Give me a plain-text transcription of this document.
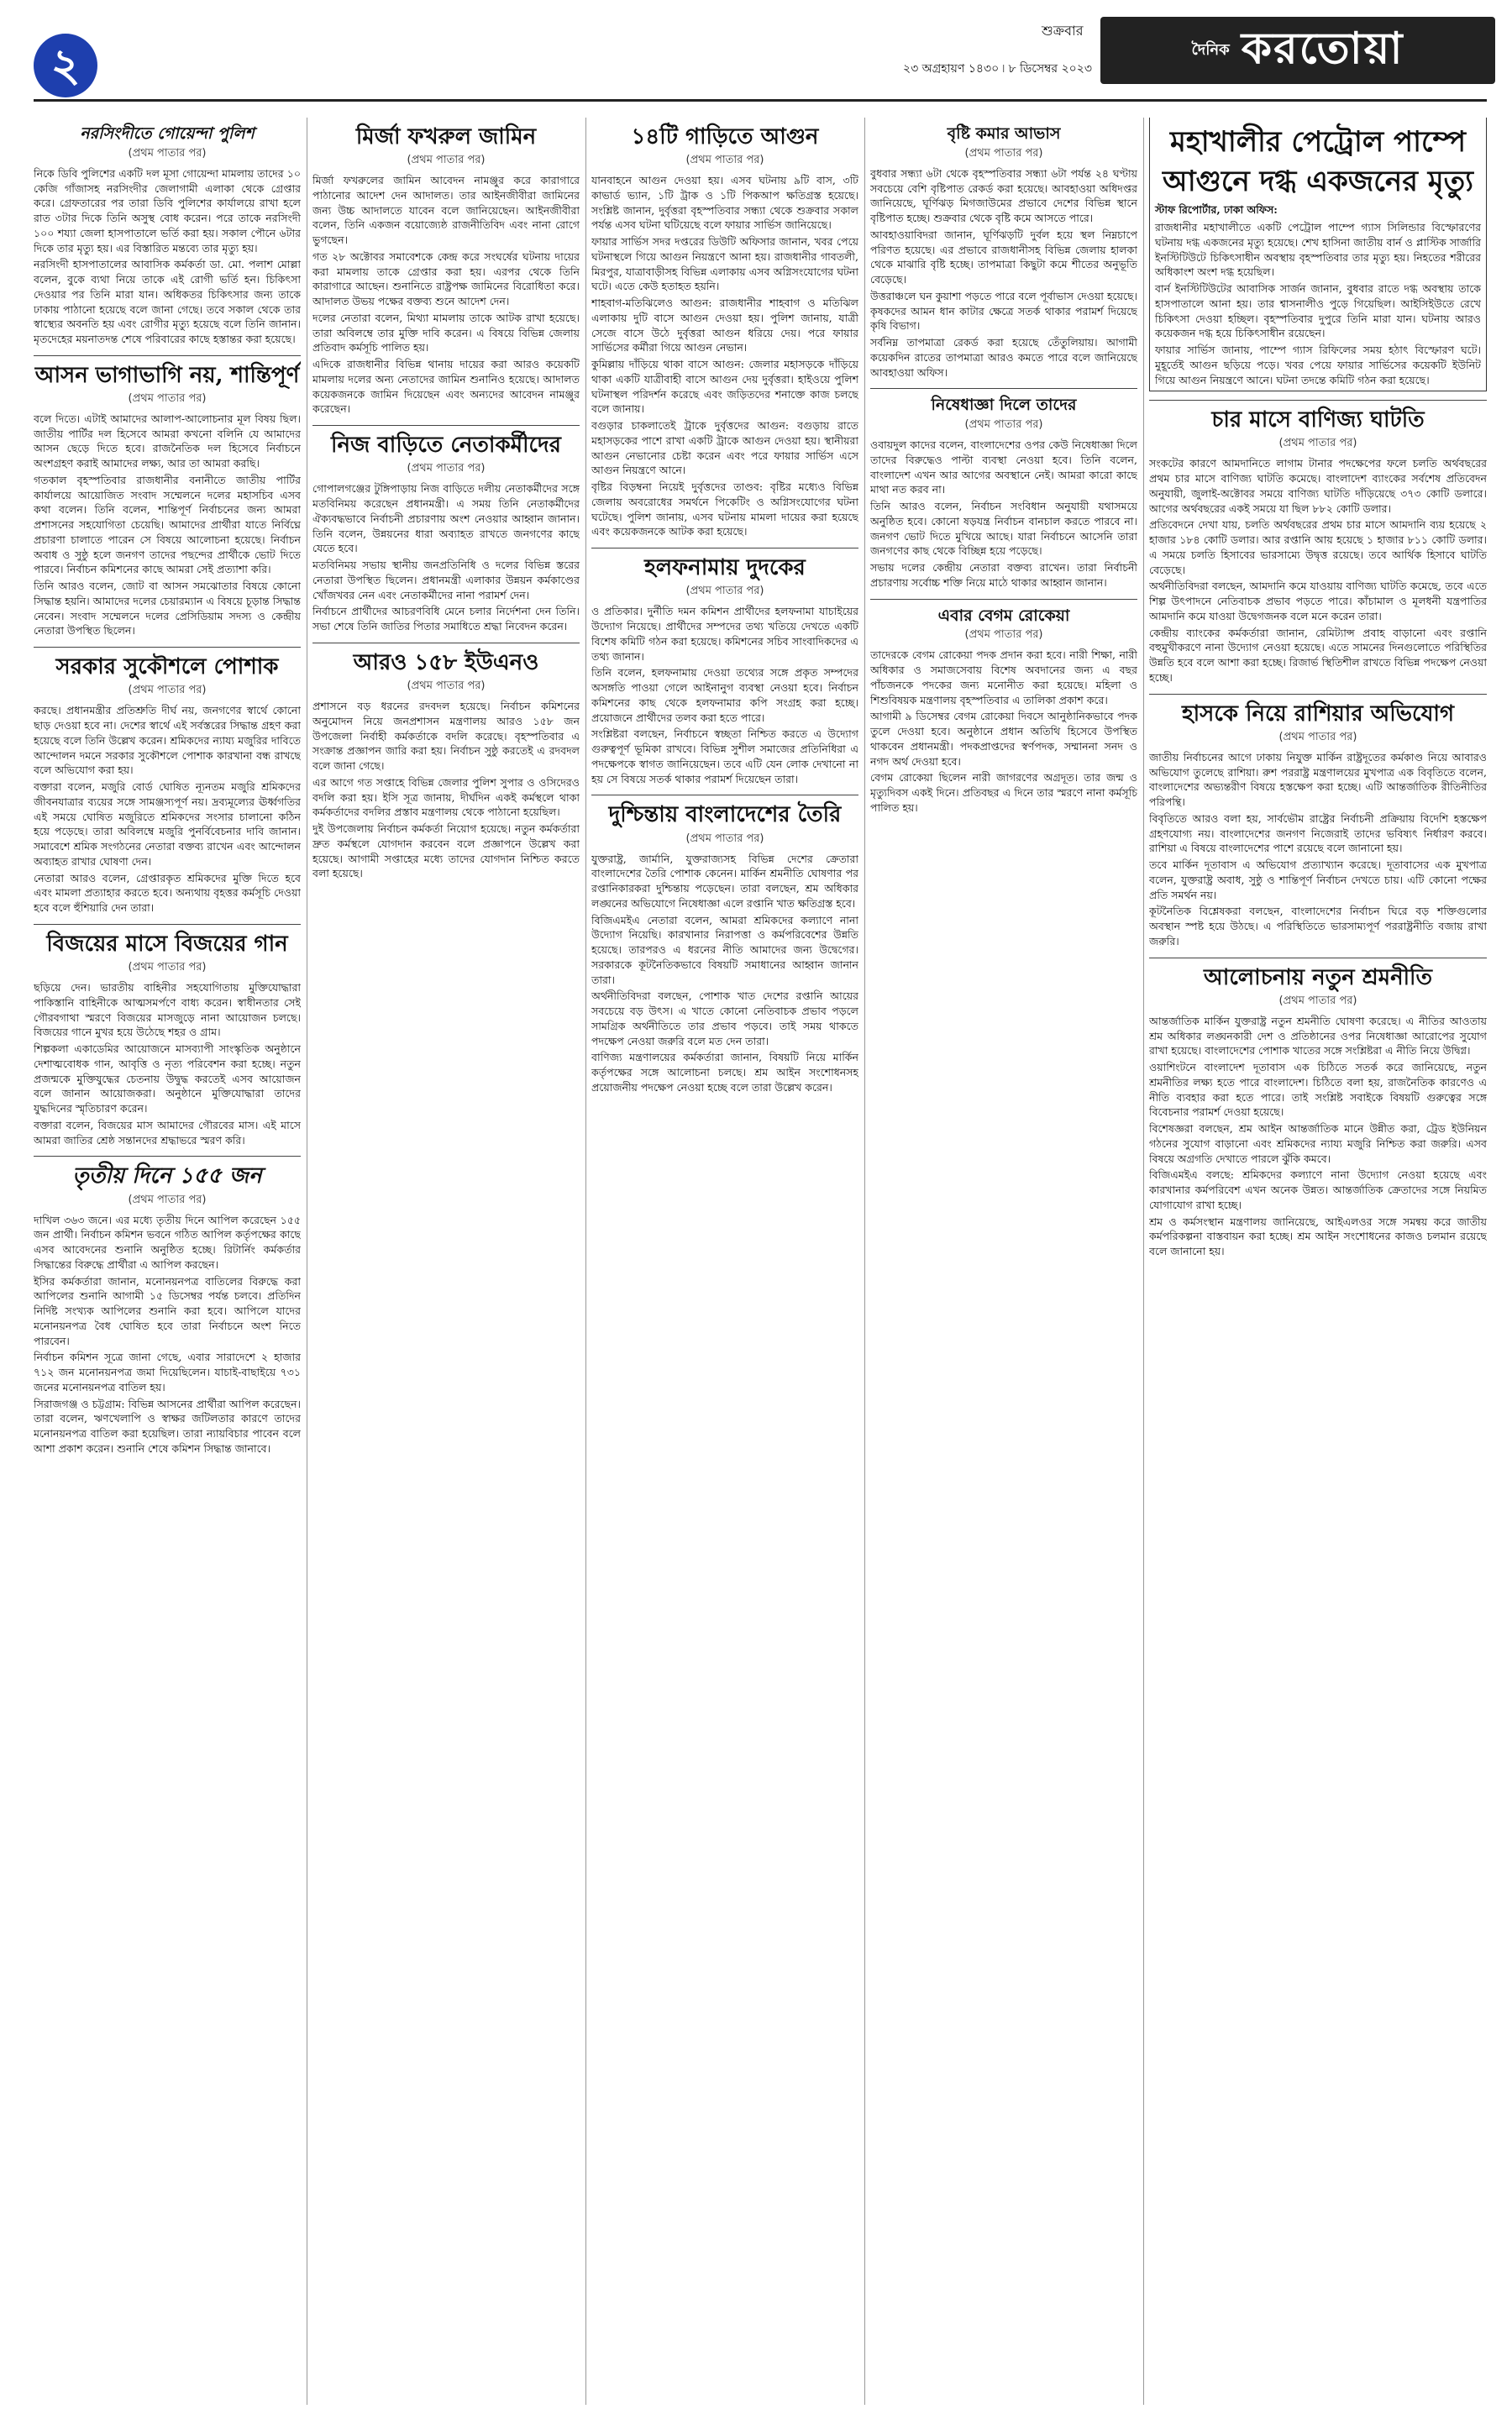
২
শুক্রবার
২৩ অগ্রহায়ণ ১৪৩০ ৷ ৮ ডিসেম্বর ২০২৩
দৈনিক করতোয়া
নরসিংদীতে গোয়েন্দা পুলিশ
(প্রথম পাতার পর)

নিকে ডিবি পুলিশের একটি দল মূসা গোয়েন্দা মামলায় তাদের ১০ কেজি গাঁজাসহ নরসিংদীর জেলাগামী এলাকা থেকে গ্রেপ্তার করে। গ্রেফতারের পর তারা ডিবি পুলিশের কার্যালয়ে রাখা হলে রাত ৩টার দিকে তিনি অসুস্থ বোধ করেন। পরে তাকে নরসিংদী ১০০ শয্যা জেলা হাসপাতালে ভর্তি করা হয়। সকাল পৌনে ৬টার দিকে তার মৃত্যু হয়। এর বিস্তারিত মন্তব্যে তার মৃত্যু হয়।

নরসিংদী হাসপাতালের আবাসিক কর্মকর্তা ডা. মো. পলাশ মোল্লা বলেন, বুকে ব্যথা নিয়ে তাকে এই রোগী ভর্তি হন। চিকিৎসা দেওয়ার পর তিনি মারা যান। অধিকতর চিকিৎসার জন্য তাকে ঢাকায় পাঠানো হয়েছে বলে জানা গেছে। তবে সকাল থেকে তার স্বাস্থ্যের অবনতি হয় এবং রোগীর মৃত্যু হয়েছে বলে তিনি জানান। মৃতদেহের ময়নাতদন্ত শেষে পরিবারের কাছে হস্তান্তর করা হয়েছে।

আসন ভাগাভাগি নয়, শান্তিপূর্ণ
(প্রথম পাতার পর)

বলে দিতে। এটাই আমাদের আলাপ-আলোচনার মূল বিষয় ছিল। জাতীয় পার্টির দল হিসেবে আমরা কখনো বলিনি যে আমাদের আসন ছেড়ে দিতে হবে। রাজনৈতিক দল হিসেবে নির্বাচনে অংশগ্রহণ করাই আমাদের লক্ষ্য, আর তা আমরা করছি।

গতকাল বৃহস্পতিবার রাজধানীর বনানীতে জাতীয় পার্টির কার্যালয়ে আয়োজিত সংবাদ সম্মেলনে দলের মহাসচিব এসব কথা বলেন। তিনি বলেন, শান্তিপূর্ণ নির্বাচনের জন্য আমরা প্রশাসনের সহযোগিতা চেয়েছি। আমাদের প্রার্থীরা যাতে নির্বিঘ্নে প্রচারণা চালাতে পারেন সে বিষয়ে আলোচনা হয়েছে। নির্বাচন অবাধ ও সুষ্ঠু হলে জনগণ তাদের পছন্দের প্রার্থীকে ভোট দিতে পারবে। নির্বাচন কমিশনের কাছে আমরা সেই প্রত্যাশা করি।

তিনি আরও বলেন, জোট বা আসন সমঝোতার বিষয়ে কোনো সিদ্ধান্ত হয়নি। আমাদের দলের চেয়ারম্যান এ বিষয়ে চূড়ান্ত সিদ্ধান্ত নেবেন। সংবাদ সম্মেলনে দলের প্রেসিডিয়াম সদস্য ও কেন্দ্রীয় নেতারা উপস্থিত ছিলেন।

সরকার সুকৌশলে পোশাক
(প্রথম পাতার পর)

করছে। প্রধানমন্ত্রীর প্রতিশ্রুতি দীর্ঘ নয়, জনগণের স্বার্থে কোনো ছাড় দেওয়া হবে না। দেশের স্বার্থে এই সর্বস্তরের সিদ্ধান্ত গ্রহণ করা হয়েছে বলে তিনি উল্লেখ করেন। শ্রমিকদের ন্যায্য মজুরির দাবিতে আন্দোলন দমনে সরকার সুকৌশলে পোশাক কারখানা বন্ধ রাখছে বলে অভিযোগ করা হয়।

বক্তারা বলেন, মজুরি বোর্ড ঘোষিত ন্যূনতম মজুরি শ্রমিকদের জীবনযাত্রার ব্যয়ের সঙ্গে সামঞ্জস্যপূর্ণ নয়। দ্রব্যমূল্যের ঊর্ধ্বগতির এই সময়ে ঘোষিত মজুরিতে শ্রমিকদের সংসার চালানো কঠিন হয়ে পড়েছে। তারা অবিলম্বে মজুরি পুনর্বিবেচনার দাবি জানান। সমাবেশে শ্রমিক সংগঠনের নেতারা বক্তব্য রাখেন এবং আন্দোলন অব্যাহত রাখার ঘোষণা দেন।

নেতারা আরও বলেন, গ্রেপ্তারকৃত শ্রমিকদের মুক্তি দিতে হবে এবং মামলা প্রত্যাহার করতে হবে। অন্যথায় বৃহত্তর কর্মসূচি দেওয়া হবে বলে হুঁশিয়ারি দেন তারা।

বিজয়ের মাসে বিজয়ের গান
(প্রথম পাতার পর)

ছড়িয়ে দেন। ভারতীয় বাহিনীর সহযোগিতায় মুক্তিযোদ্ধারা পাকিস্তানি বাহিনীকে আত্মসমর্পণে বাধ্য করেন। স্বাধীনতার সেই গৌরবগাথা স্মরণে বিজয়ের মাসজুড়ে নানা আয়োজন চলছে। বিজয়ের গানে মুখর হয়ে উঠেছে শহর ও গ্রাম।

শিল্পকলা একাডেমির আয়োজনে মাসব্যাপী সাংস্কৃতিক অনুষ্ঠানে দেশাত্মবোধক গান, আবৃত্তি ও নৃত্য পরিবেশন করা হচ্ছে। নতুন প্রজন্মকে মুক্তিযুদ্ধের চেতনায় উদ্বুদ্ধ করতেই এসব আয়োজন বলে জানান আয়োজকরা। অনুষ্ঠানে মুক্তিযোদ্ধারা তাদের যুদ্ধদিনের স্মৃতিচারণ করেন।

বক্তারা বলেন, বিজয়ের মাস আমাদের গৌরবের মাস। এই মাসে আমরা জাতির শ্রেষ্ঠ সন্তানদের শ্রদ্ধাভরে স্মরণ করি।

তৃতীয় দিনে ১৫৫ জন
(প্রথম পাতার পর)

দাখিল ৩৬৩ জনে। এর মধ্যে তৃতীয় দিনে আপিল করেছেন ১৫৫ জন প্রার্থী। নির্বাচন কমিশন ভবনে গঠিত আপিল কর্তৃপক্ষের কাছে এসব আবেদনের শুনানি অনুষ্ঠিত হচ্ছে। রিটার্নিং কর্মকর্তার সিদ্ধান্তের বিরুদ্ধে প্রার্থীরা এ আপিল করছেন।

ইসির কর্মকর্তারা জানান, মনোনয়নপত্র বাতিলের বিরুদ্ধে করা আপিলের শুনানি আগামী ১৫ ডিসেম্বর পর্যন্ত চলবে। প্রতিদিন নির্দিষ্ট সংখ্যক আপিলের শুনানি করা হবে। আপিলে যাদের মনোনয়নপত্র বৈধ ঘোষিত হবে তারা নির্বাচনে অংশ নিতে পারবেন।

নির্বাচন কমিশন সূত্রে জানা গেছে, এবার সারাদেশে ২ হাজার ৭১২ জন মনোনয়নপত্র জমা দিয়েছিলেন। যাচাই-বাছাইয়ে ৭৩১ জনের মনোনয়নপত্র বাতিল হয়।

সিরাজগঞ্জ ও চট্টগ্রাম: বিভিন্ন আসনের প্রার্থীরা আপিল করেছেন। তারা বলেন, ঋণখেলাপি ও স্বাক্ষর জটিলতার কারণে তাদের মনোনয়নপত্র বাতিল করা হয়েছিল। তারা ন্যায়বিচার পাবেন বলে আশা প্রকাশ করেন। শুনানি শেষে কমিশন সিদ্ধান্ত জানাবে।

মির্জা ফখরুল জামিন
(প্রথম পাতার পর)

মির্জা ফখরুলের জামিন আবেদন নামঞ্জুর করে কারাগারে পাঠানোর আদেশ দেন আদালত। তার আইনজীবীরা জামিনের জন্য উচ্চ আদালতে যাবেন বলে জানিয়েছেন। আইনজীবীরা বলেন, তিনি একজন বয়োজ্যেষ্ঠ রাজনীতিবিদ এবং নানা রোগে ভুগছেন।

গত ২৮ অক্টোবর সমাবেশকে কেন্দ্র করে সংঘর্ষের ঘটনায় দায়ের করা মামলায় তাকে গ্রেপ্তার করা হয়। এরপর থেকে তিনি কারাগারে আছেন। শুনানিতে রাষ্ট্রপক্ষ জামিনের বিরোধিতা করে। আদালত উভয় পক্ষের বক্তব্য শুনে আদেশ দেন।

দলের নেতারা বলেন, মিথ্যা মামলায় তাকে আটক রাখা হয়েছে। তারা অবিলম্বে তার মুক্তি দাবি করেন। এ বিষয়ে বিভিন্ন জেলায় প্রতিবাদ কর্মসূচি পালিত হয়।

এদিকে রাজধানীর বিভিন্ন থানায় দায়ের করা আরও কয়েকটি মামলায় দলের অন্য নেতাদের জামিন শুনানিও হয়েছে। আদালত কয়েকজনকে জামিন দিয়েছেন এবং অন্যদের আবেদন নামঞ্জুর করেছেন।

নিজ বাড়িতে নেতাকর্মীদের
(প্রথম পাতার পর)

গোপালগঞ্জের টুঙ্গিপাড়ায় নিজ বাড়িতে দলীয় নেতাকর্মীদের সঙ্গে মতবিনিময় করেছেন প্রধানমন্ত্রী। এ সময় তিনি নেতাকর্মীদের ঐক্যবদ্ধভাবে নির্বাচনী প্রচারণায় অংশ নেওয়ার আহ্বান জানান। তিনি বলেন, উন্নয়নের ধারা অব্যাহত রাখতে জনগণের কাছে যেতে হবে।

মতবিনিময় সভায় স্থানীয় জনপ্রতিনিধি ও দলের বিভিন্ন স্তরের নেতারা উপস্থিত ছিলেন। প্রধানমন্ত্রী এলাকার উন্নয়ন কর্মকাণ্ডের খোঁজখবর নেন এবং নেতাকর্মীদের নানা পরামর্শ দেন।

নির্বাচনে প্রার্থীদের আচরণবিধি মেনে চলার নির্দেশনা দেন তিনি। সভা শেষে তিনি জাতির পিতার সমাধিতে শ্রদ্ধা নিবেদন করেন।

আরও ১৫৮ ইউএনও
(প্রথম পাতার পর)

প্রশাসনে বড় ধরনের রদবদল হয়েছে। নির্বাচন কমিশনের অনুমোদন নিয়ে জনপ্রশাসন মন্ত্রণালয় আরও ১৫৮ জন উপজেলা নির্বাহী কর্মকর্তাকে বদলি করেছে। বৃহস্পতিবার এ সংক্রান্ত প্রজ্ঞাপন জারি করা হয়। নির্বাচন সুষ্ঠু করতেই এ রদবদল বলে জানা গেছে।

এর আগে গত সপ্তাহে বিভিন্ন জেলার পুলিশ সুপার ও ওসিদেরও বদলি করা হয়। ইসি সূত্র জানায়, দীর্ঘদিন একই কর্মস্থলে থাকা কর্মকর্তাদের বদলির প্রস্তাব মন্ত্রণালয় থেকে পাঠানো হয়েছিল।

দুই উপজেলায় নির্বাচন কর্মকর্তা নিয়োগ হয়েছে। নতুন কর্মকর্তারা দ্রুত কর্মস্থলে যোগদান করবেন বলে প্রজ্ঞাপনে উল্লেখ করা হয়েছে। আগামী সপ্তাহের মধ্যে তাদের যোগদান নিশ্চিত করতে বলা হয়েছে।

১৪টি গাড়িতে আগুন
(প্রথম পাতার পর)

যানবাহনে আগুন দেওয়া হয়। এসব ঘটনায় ৯টি বাস, ৩টি কাভার্ড ভ্যান, ১টি ট্রাক ও ১টি পিকআপ ক্ষতিগ্রস্ত হয়েছে। সংশ্লিষ্ট জানান, দুর্বৃত্তরা বৃহস্পতিবার সন্ধ্যা থেকে শুক্রবার সকাল পর্যন্ত এসব ঘটনা ঘটিয়েছে বলে ফায়ার সার্ভিস জানিয়েছে।

ফায়ার সার্ভিস সদর দপ্তরের ডিউটি অফিসার জানান, খবর পেয়ে ঘটনাস্থলে গিয়ে আগুন নিয়ন্ত্রণে আনা হয়। রাজধানীর গাবতলী, মিরপুর, যাত্রাবাড়ীসহ বিভিন্ন এলাকায় এসব অগ্নিসংযোগের ঘটনা ঘটে। এতে কেউ হতাহত হয়নি।

শাহবাগ-মতিঝিলেও আগুন: রাজধানীর শাহবাগ ও মতিঝিল এলাকায় দুটি বাসে আগুন দেওয়া হয়। পুলিশ জানায়, যাত্রী সেজে বাসে উঠে দুর্বৃত্তরা আগুন ধরিয়ে দেয়। পরে ফায়ার সার্ভিসের কর্মীরা গিয়ে আগুন নেভান।

কুমিল্লায় দাঁড়িয়ে থাকা বাসে আগুন: জেলার মহাসড়কে দাঁড়িয়ে থাকা একটি যাত্রীবাহী বাসে আগুন দেয় দুর্বৃত্তরা। হাইওয়ে পুলিশ ঘটনাস্থল পরিদর্শন করেছে এবং জড়িতদের শনাক্তে কাজ চলছে বলে জানায়।

বগুড়ার চাকলাতেই ট্রাকে দুর্বৃত্তদের আগুন: বগুড়ায় রাতে মহাসড়কের পাশে রাখা একটি ট্রাকে আগুন দেওয়া হয়। স্থানীয়রা আগুন নেভানোর চেষ্টা করেন এবং পরে ফায়ার সার্ভিস এসে আগুন নিয়ন্ত্রণে আনে।

বৃষ্টির বিড়ম্বনা নিয়েই দুর্বৃত্তদের তাণ্ডব: বৃষ্টির মধ্যেও বিভিন্ন জেলায় অবরোধের সমর্থনে পিকেটিং ও অগ্নিসংযোগের ঘটনা ঘটেছে। পুলিশ জানায়, এসব ঘটনায় মামলা দায়ের করা হয়েছে এবং কয়েকজনকে আটক করা হয়েছে।

হলফনামায় দুদকের
(প্রথম পাতার পর)

ও প্রতিকার। দুর্নীতি দমন কমিশন প্রার্থীদের হলফনামা যাচাইয়ের উদ্যোগ নিয়েছে। প্রার্থীদের সম্পদের তথ্য খতিয়ে দেখতে একটি বিশেষ কমিটি গঠন করা হয়েছে। কমিশনের সচিব সাংবাদিকদের এ তথ্য জানান।

তিনি বলেন, হলফনামায় দেওয়া তথ্যের সঙ্গে প্রকৃত সম্পদের অসঙ্গতি পাওয়া গেলে আইনানুগ ব্যবস্থা নেওয়া হবে। নির্বাচন কমিশনের কাছ থেকে হলফনামার কপি সংগ্রহ করা হচ্ছে। প্রয়োজনে প্রার্থীদের তলব করা হতে পারে।

সংশ্লিষ্টরা বলছেন, নির্বাচনে স্বচ্ছতা নিশ্চিত করতে এ উদ্যোগ গুরুত্বপূর্ণ ভূমিকা রাখবে। বিভিন্ন সুশীল সমাজের প্রতিনিধিরা এ পদক্ষেপকে স্বাগত জানিয়েছেন। তবে এটি যেন লোক দেখানো না হয় সে বিষয়ে সতর্ক থাকার পরামর্শ দিয়েছেন তারা।

দুশ্চিন্তায় বাংলাদেশের তৈরি
(প্রথম পাতার পর)

যুক্তরাষ্ট্র, জার্মানি, যুক্তরাজ্যসহ বিভিন্ন দেশের ক্রেতারা বাংলাদেশের তৈরি পোশাক কেনেন। মার্কিন শ্রমনীতি ঘোষণার পর রপ্তানিকারকরা দুশ্চিন্তায় পড়েছেন। তারা বলছেন, শ্রম অধিকার লঙ্ঘনের অভিযোগে নিষেধাজ্ঞা এলে রপ্তানি খাত ক্ষতিগ্রস্ত হবে।

বিজিএমইএ নেতারা বলেন, আমরা শ্রমিকদের কল্যাণে নানা উদ্যোগ নিয়েছি। কারখানার নিরাপত্তা ও কর্মপরিবেশের উন্নতি হয়েছে। তারপরও এ ধরনের নীতি আমাদের জন্য উদ্বেগের। সরকারকে কূটনৈতিকভাবে বিষয়টি সমাধানের আহ্বান জানান তারা।

অর্থনীতিবিদরা বলছেন, পোশাক খাত দেশের রপ্তানি আয়ের সবচেয়ে বড় উৎস। এ খাতে কোনো নেতিবাচক প্রভাব পড়লে সামগ্রিক অর্থনীতিতে তার প্রভাব পড়বে। তাই সময় থাকতে পদক্ষেপ নেওয়া জরুরি বলে মত দেন তারা।

বাণিজ্য মন্ত্রণালয়ের কর্মকর্তারা জানান, বিষয়টি নিয়ে মার্কিন কর্তৃপক্ষের সঙ্গে আলোচনা চলছে। শ্রম আইন সংশোধনসহ প্রয়োজনীয় পদক্ষেপ নেওয়া হচ্ছে বলে তারা উল্লেখ করেন।

বৃষ্টি কমার আভাস
(প্রথম পাতার পর)

বুধবার সন্ধ্যা ৬টা থেকে বৃহস্পতিবার সন্ধ্যা ৬টা পর্যন্ত ২৪ ঘণ্টায় সবচেয়ে বেশি বৃষ্টিপাত রেকর্ড করা হয়েছে। আবহাওয়া অধিদপ্তর জানিয়েছে, ঘূর্ণিঝড় মিগজাউমের প্রভাবে দেশের বিভিন্ন স্থানে বৃষ্টিপাত হচ্ছে। শুক্রবার থেকে বৃষ্টি কমে আসতে পারে।

আবহাওয়াবিদরা জানান, ঘূর্ণিঝড়টি দুর্বল হয়ে স্থল নিম্নচাপে পরিণত হয়েছে। এর প্রভাবে রাজধানীসহ বিভিন্ন জেলায় হালকা থেকে মাঝারি বৃষ্টি হচ্ছে। তাপমাত্রা কিছুটা কমে শীতের অনুভূতি বেড়েছে।

উত্তরাঞ্চলে ঘন কুয়াশা পড়তে পারে বলে পূর্বাভাস দেওয়া হয়েছে। কৃষকদের আমন ধান কাটার ক্ষেত্রে সতর্ক থাকার পরামর্শ দিয়েছে কৃষি বিভাগ।

সর্বনিম্ন তাপমাত্রা রেকর্ড করা হয়েছে তেঁতুলিয়ায়। আগামী কয়েকদিন রাতের তাপমাত্রা আরও কমতে পারে বলে জানিয়েছে আবহাওয়া অফিস।

নিষেধাজ্ঞা দিলে তাদের
(প্রথম পাতার পর)

ওবায়দুল কাদের বলেন, বাংলাদেশের ওপর কেউ নিষেধাজ্ঞা দিলে তাদের বিরুদ্ধেও পাল্টা ব্যবস্থা নেওয়া হবে। তিনি বলেন, বাংলাদেশ এখন আর আগের অবস্থানে নেই। আমরা কারো কাছে মাথা নত করব না।

তিনি আরও বলেন, নির্বাচন সংবিধান অনুযায়ী যথাসময়ে অনুষ্ঠিত হবে। কোনো ষড়যন্ত্র নির্বাচন বানচাল করতে পারবে না। জনগণ ভোট দিতে মুখিয়ে আছে। যারা নির্বাচনে আসেনি তারা জনগণের কাছ থেকে বিচ্ছিন্ন হয়ে পড়েছে।

সভায় দলের কেন্দ্রীয় নেতারা বক্তব্য রাখেন। তারা নির্বাচনী প্রচারণায় সর্বোচ্চ শক্তি নিয়ে মাঠে থাকার আহ্বান জানান।

এবার বেগম রোকেয়া
(প্রথম পাতার পর)

তাদেরকে বেগম রোকেয়া পদক প্রদান করা হবে। নারী শিক্ষা, নারী অধিকার ও সমাজসেবায় বিশেষ অবদানের জন্য এ বছর পাঁচজনকে পদকের জন্য মনোনীত করা হয়েছে। মহিলা ও শিশুবিষয়ক মন্ত্রণালয় বৃহস্পতিবার এ তালিকা প্রকাশ করে।

আগামী ৯ ডিসেম্বর বেগম রোকেয়া দিবসে আনুষ্ঠানিকভাবে পদক তুলে দেওয়া হবে। অনুষ্ঠানে প্রধান অতিথি হিসেবে উপস্থিত থাকবেন প্রধানমন্ত্রী। পদকপ্রাপ্তদের স্বর্ণপদক, সম্মাননা সনদ ও নগদ অর্থ দেওয়া হবে।

বেগম রোকেয়া ছিলেন নারী জাগরণের অগ্রদূত। তার জন্ম ও মৃত্যুদিবস একই দিনে। প্রতিবছর এ দিনে তার স্মরণে নানা কর্মসূচি পালিত হয়।

মহাখালীর পেট্রোল পাম্পে
আগুনে দগ্ধ একজনের মৃত্যু
স্টাফ রিপোর্টার, ঢাকা অফিস:

রাজধানীর মহাখালীতে একটি পেট্রোল পাম্পে গ্যাস সিলিন্ডার বিস্ফোরণের ঘটনায় দগ্ধ একজনের মৃত্যু হয়েছে। শেখ হাসিনা জাতীয় বার্ন ও প্লাস্টিক সার্জারি ইনস্টিটিউটে চিকিৎসাধীন অবস্থায় বৃহস্পতিবার তার মৃত্যু হয়। নিহতের শরীরের অধিকাংশ অংশ দগ্ধ হয়েছিল।

বার্ন ইনস্টিটিউটের আবাসিক সার্জন জানান, বুধবার রাতে দগ্ধ অবস্থায় তাকে হাসপাতালে আনা হয়। তার শ্বাসনালীও পুড়ে গিয়েছিল। আইসিইউতে রেখে চিকিৎসা দেওয়া হচ্ছিল। বৃহস্পতিবার দুপুরে তিনি মারা যান। ঘটনায় আরও কয়েকজন দগ্ধ হয়ে চিকিৎসাধীন রয়েছেন।

ফায়ার সার্ভিস জানায়, পাম্পে গ্যাস রিফিলের সময় হঠাৎ বিস্ফোরণ ঘটে। মুহূর্তেই আগুন ছড়িয়ে পড়ে। খবর পেয়ে ফায়ার সার্ভিসের কয়েকটি ইউনিট গিয়ে আগুন নিয়ন্ত্রণে আনে। ঘটনা তদন্তে কমিটি গঠন করা হয়েছে।

চার মাসে বাণিজ্য ঘাটতি
(প্রথম পাতার পর)

সংকটের কারণে আমদানিতে লাগাম টানার পদক্ষেপের ফলে চলতি অর্থবছরের প্রথম চার মাসে বাণিজ্য ঘাটতি কমেছে। বাংলাদেশ ব্যাংকের সর্বশেষ প্রতিবেদন অনুযায়ী, জুলাই-অক্টোবর সময়ে বাণিজ্য ঘাটতি দাঁড়িয়েছে ৩৭৩ কোটি ডলারে। আগের অর্থবছরের একই সময়ে যা ছিল ৮৮২ কোটি ডলার।

প্রতিবেদনে দেখা যায়, চলতি অর্থবছরের প্রথম চার মাসে আমদানি ব্যয় হয়েছে ২ হাজার ১৮৪ কোটি ডলার। আর রপ্তানি আয় হয়েছে ১ হাজার ৮১১ কোটি ডলার। এ সময়ে চলতি হিসাবের ভারসাম্যে উদ্বৃত্ত রয়েছে। তবে আর্থিক হিসাবে ঘাটতি বেড়েছে।

অর্থনীতিবিদরা বলছেন, আমদানি কমে যাওয়ায় বাণিজ্য ঘাটতি কমেছে, তবে এতে শিল্প উৎপাদনে নেতিবাচক প্রভাব পড়তে পারে। কাঁচামাল ও মূলধনী যন্ত্রপাতির আমদানি কমে যাওয়া উদ্বেগজনক বলে মনে করেন তারা।

কেন্দ্রীয় ব্যাংকের কর্মকর্তারা জানান, রেমিট্যান্স প্রবাহ বাড়ানো এবং রপ্তানি বহুমুখীকরণে নানা উদ্যোগ নেওয়া হয়েছে। এতে সামনের দিনগুলোতে পরিস্থিতির উন্নতি হবে বলে আশা করা হচ্ছে। রিজার্ভ স্থিতিশীল রাখতে বিভিন্ন পদক্ষেপ নেওয়া হচ্ছে।

হাসকে নিয়ে রাশিয়ার অভিযোগ
(প্রথম পাতার পর)

জাতীয় নির্বাচনের আগে ঢাকায় নিযুক্ত মার্কিন রাষ্ট্রদূতের কর্মকাণ্ড নিয়ে আবারও অভিযোগ তুলেছে রাশিয়া। রুশ পররাষ্ট্র মন্ত্রণালয়ের মুখপাত্র এক বিবৃতিতে বলেন, বাংলাদেশের অভ্যন্তরীণ বিষয়ে হস্তক্ষেপ করা হচ্ছে। এটি আন্তর্জাতিক রীতিনীতির পরিপন্থি।

বিবৃতিতে আরও বলা হয়, সার্বভৌম রাষ্ট্রের নির্বাচনী প্রক্রিয়ায় বিদেশি হস্তক্ষেপ গ্রহণযোগ্য নয়। বাংলাদেশের জনগণ নিজেরাই তাদের ভবিষ্যৎ নির্ধারণ করবে। রাশিয়া এ বিষয়ে বাংলাদেশের পাশে রয়েছে বলে জানানো হয়।

তবে মার্কিন দূতাবাস এ অভিযোগ প্রত্যাখ্যান করেছে। দূতাবাসের এক মুখপাত্র বলেন, যুক্তরাষ্ট্র অবাধ, সুষ্ঠু ও শান্তিপূর্ণ নির্বাচন দেখতে চায়। এটি কোনো পক্ষের প্রতি সমর্থন নয়।

কূটনৈতিক বিশ্লেষকরা বলছেন, বাংলাদেশের নির্বাচন ঘিরে বড় শক্তিগুলোর অবস্থান স্পষ্ট হয়ে উঠছে। এ পরিস্থিতিতে ভারসাম্যপূর্ণ পররাষ্ট্রনীতি বজায় রাখা জরুরি।

আলোচনায় নতুন শ্রমনীতি
(প্রথম পাতার পর)

আন্তর্জাতিক মার্কিন যুক্তরাষ্ট্র নতুন শ্রমনীতি ঘোষণা করেছে। এ নীতির আওতায় শ্রম অধিকার লঙ্ঘনকারী দেশ ও প্রতিষ্ঠানের ওপর নিষেধাজ্ঞা আরোপের সুযোগ রাখা হয়েছে। বাংলাদেশের পোশাক খাতের সঙ্গে সংশ্লিষ্টরা এ নীতি নিয়ে উদ্বিগ্ন।

ওয়াশিংটনে বাংলাদেশ দূতাবাস এক চিঠিতে সতর্ক করে জানিয়েছে, নতুন শ্রমনীতির লক্ষ্য হতে পারে বাংলাদেশ। চিঠিতে বলা হয়, রাজনৈতিক কারণেও এ নীতি ব্যবহার করা হতে পারে। তাই সংশ্লিষ্ট সবাইকে বিষয়টি গুরুত্বের সঙ্গে বিবেচনার পরামর্শ দেওয়া হয়েছে।

বিশেষজ্ঞরা বলছেন, শ্রম আইন আন্তর্জাতিক মানে উন্নীত করা, ট্রেড ইউনিয়ন গঠনের সুযোগ বাড়ানো এবং শ্রমিকদের ন্যায্য মজুরি নিশ্চিত করা জরুরি। এসব বিষয়ে অগ্রগতি দেখাতে পারলে ঝুঁকি কমবে।

বিজিএমইএ বলছে: শ্রমিকদের কল্যাণে নানা উদ্যোগ নেওয়া হয়েছে এবং কারখানার কর্মপরিবেশ এখন অনেক উন্নত। আন্তর্জাতিক ক্রেতাদের সঙ্গে নিয়মিত যোগাযোগ রাখা হচ্ছে।

শ্রম ও কর্মসংস্থান মন্ত্রণালয় জানিয়েছে, আইএলওর সঙ্গে সমন্বয় করে জাতীয় কর্মপরিকল্পনা বাস্তবায়ন করা হচ্ছে। শ্রম আইন সংশোধনের কাজও চলমান রয়েছে বলে জানানো হয়।
